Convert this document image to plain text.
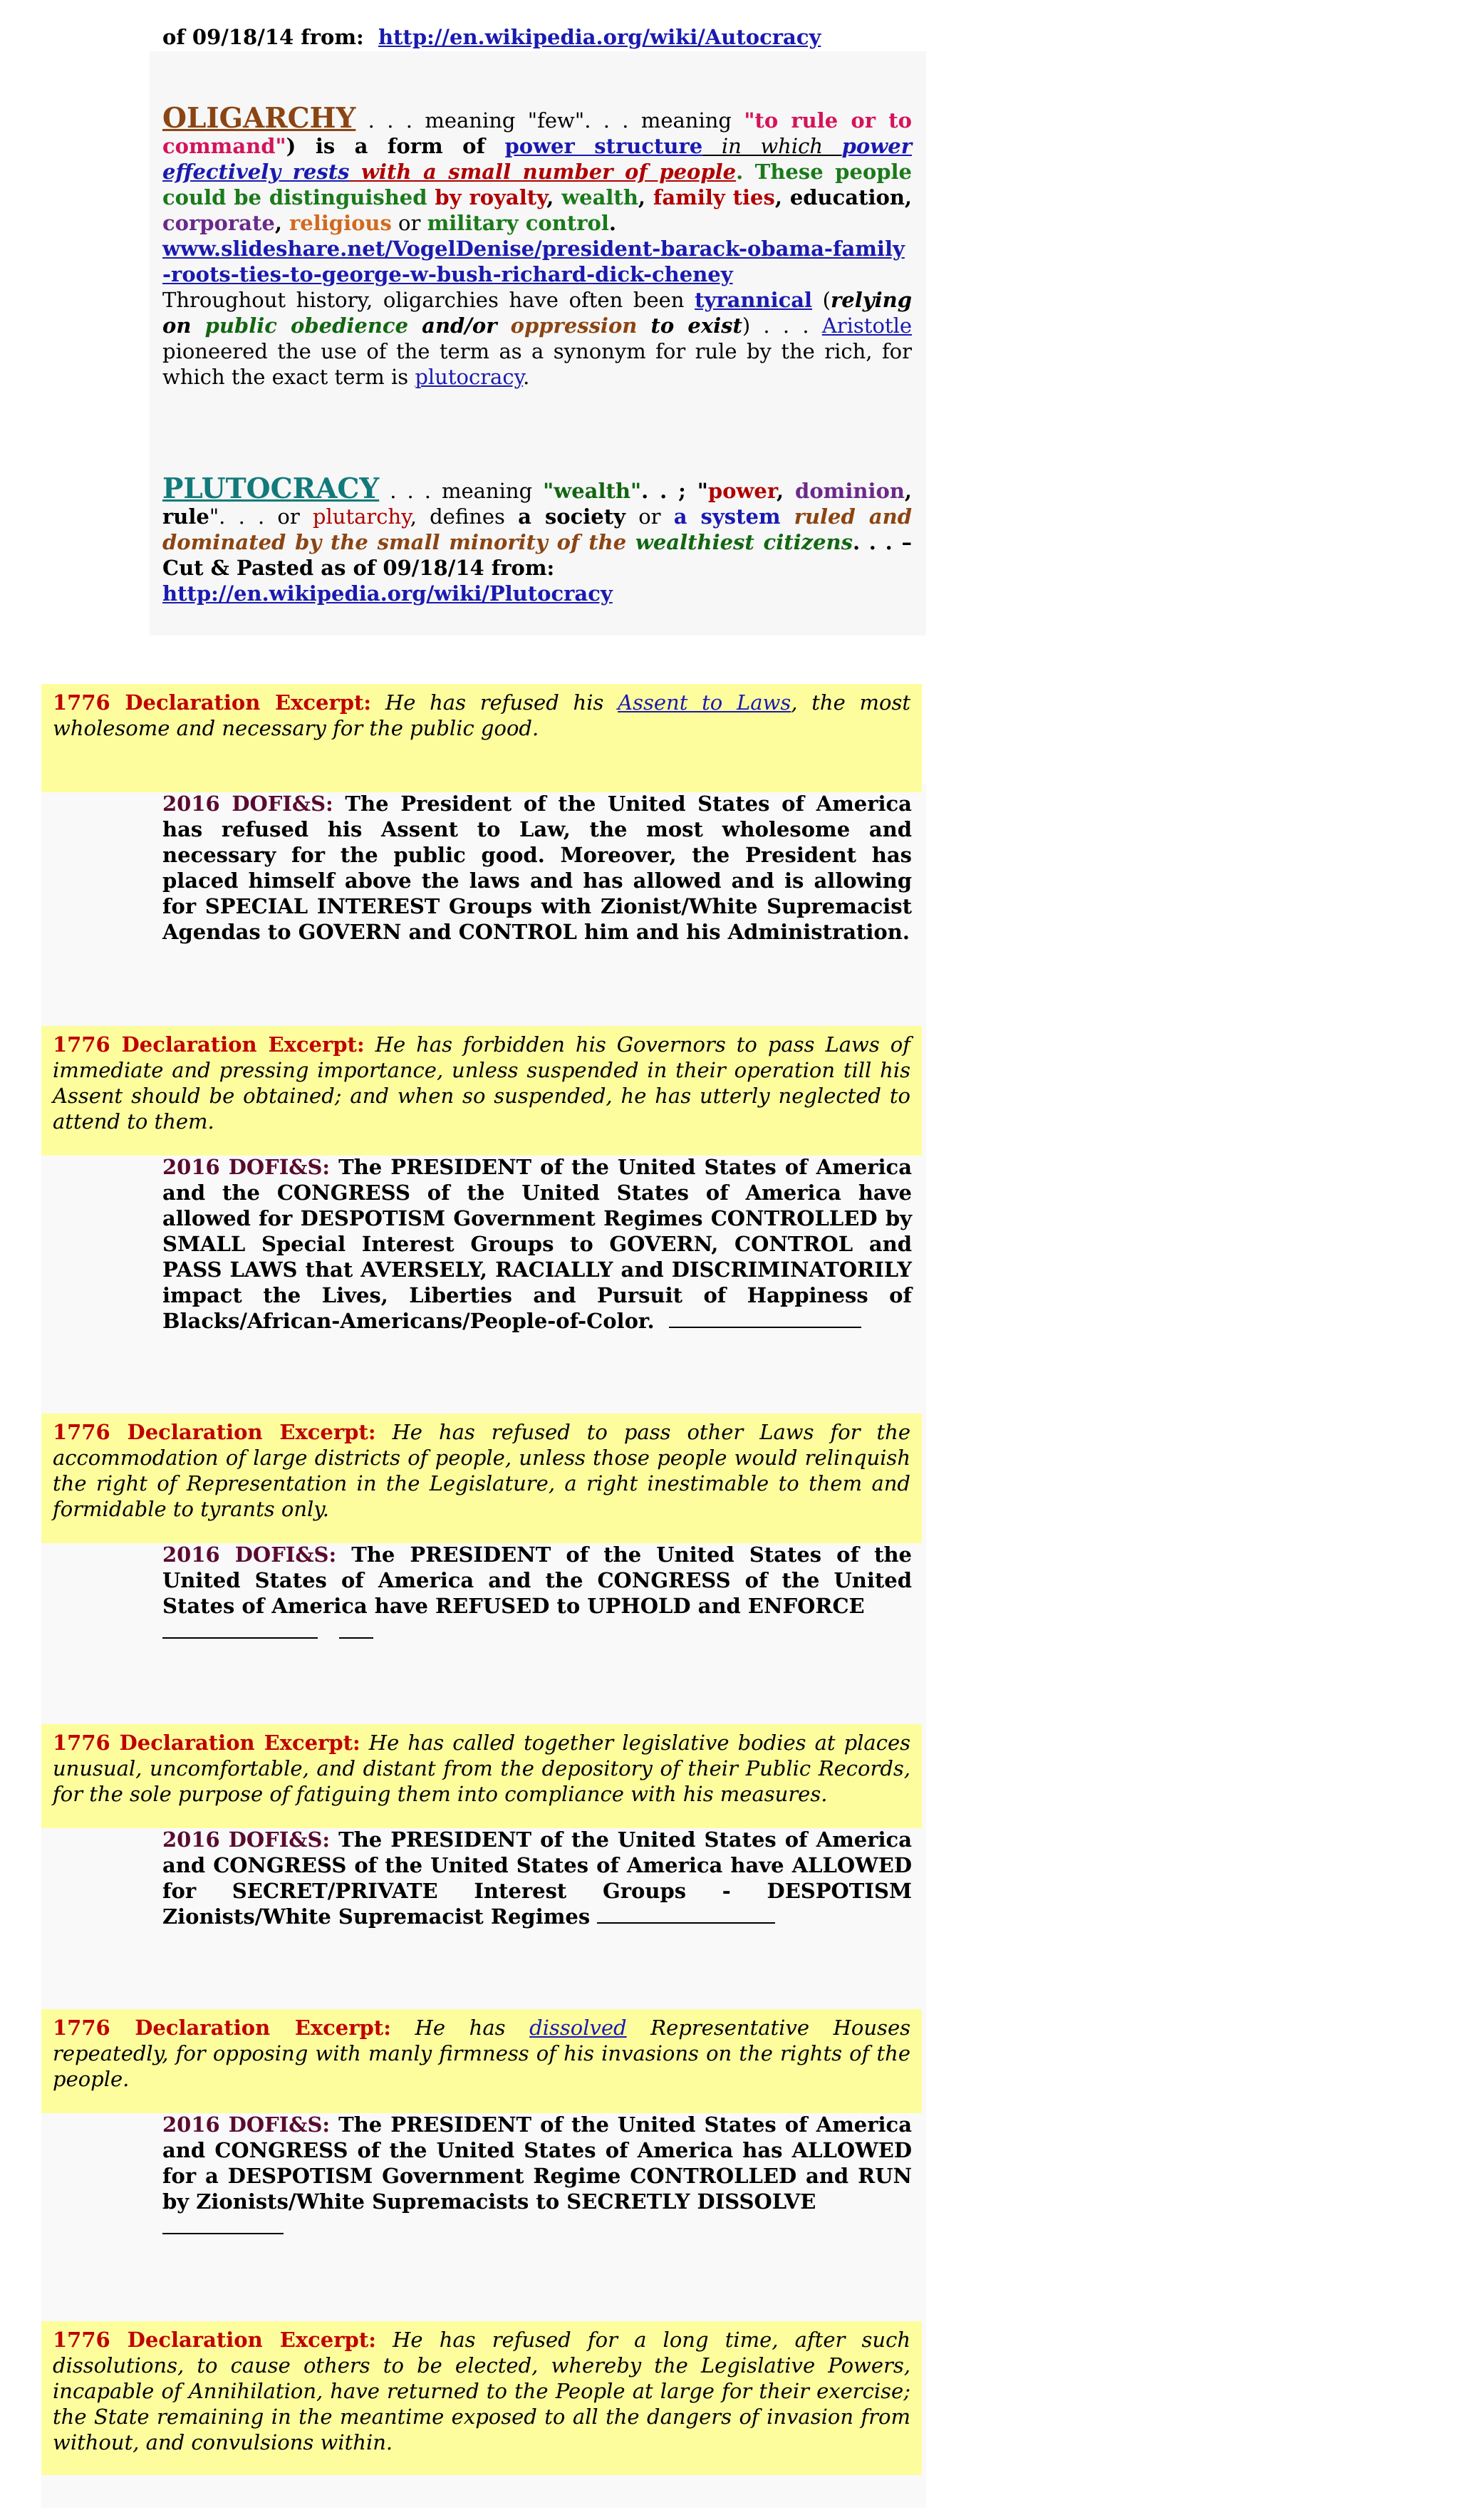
of 09/18/14 from: http://en.wikipedia.org/wiki/Autocracy
OLIGARCHY . . . meaning "few". . . meaning "to rule or to command") is a form of power structure in which power effectively rests with a small number of people. These people could be distinguished by royalty, wealth, family ties, education, corporate, religious or military control.
www.slideshare.net/VogelDenise/president-barack-obama-family-roots-ties-to-george-w-bush-richard-dick-cheney
Throughout history, oligarchies have often been tyrannical (relying on public obedience and/or oppression to exist) . . . Aristotle pioneered the use of the term as a synonym for rule by the rich, for which the exact term is plutocracy.
PLUTOCRACY . . . meaning "wealth". . ; "power, dominion, rule". . . or plutarchy, defines a society or a system ruled and dominated by the small minority of the wealthiest citizens. . . – Cut & Pasted as of 09/18/14 from:
http://en.wikipedia.org/wiki/Plutocracy
1776 Declaration Excerpt: He has refused his Assent to Laws, the most wholesome and necessary for the public good.
2016 DOFI&S: The President of the United States of America has refused his Assent to Law, the most wholesome and necessary for the public good. Moreover, the President has placed himself above the laws and has allowed and is allowing for SPECIAL INTEREST Groups with Zionist/White Supremacist Agendas to GOVERN and CONTROL him and his Administration.
1776 Declaration Excerpt: He has forbidden his Governors to pass Laws of immediate and pressing importance, unless suspended in their operation till his Assent should be obtained; and when so suspended, he has utterly neglected to attend to them.
2016 DOFI&S: The PRESIDENT of the United States of America and the CONGRESS of the United States of America have allowed for DESPOTISM Government Regimes CONTROLLED by SMALL Special Interest Groups to GOVERN, CONTROL and PASS LAWS that AVERSELY, RACIALLY and DISCRIMINATORILY impact the Lives, Liberties and Pursuit of Happiness of Blacks/African-Americans/People-of-Color.
1776 Declaration Excerpt: He has refused to pass other Laws for the accommodation of large districts of people, unless those people would relinquish the right of Representation in the Legislature, a right inestimable to them and formidable to tyrants only.
2016 DOFI&S: The PRESIDENT of the United States of the United States of America and the CONGRESS of the United States of America have REFUSED to UPHOLD and ENFORCE

1776 Declaration Excerpt: He has called together legislative bodies at places unusual, uncomfortable, and distant from the depository of their Public Records, for the sole purpose of fatiguing them into compliance with his measures.
2016 DOFI&S: The PRESIDENT of the United States of America and CONGRESS of the United States of America have ALLOWED for SECRET/PRIVATE Interest Groups - DESPOTISM Zionists/White Supremacist Regimes
1776 Declaration Excerpt: He has dissolved Representative Houses repeatedly, for opposing with manly firmness of his invasions on the rights of the people.
2016 DOFI&S: The PRESIDENT of the United States of America and CONGRESS of the United States of America has ALLOWED for a DESPOTISM Government Regime CONTROLLED and RUN by Zionists/White Supremacists to SECRETLY DISSOLVE

1776 Declaration Excerpt: He has refused for a long time, after such dissolutions, to cause others to be elected, whereby the Legislative Powers, incapable of Annihilation, have returned to the People at large for their exercise; the State remaining in the meantime exposed to all the dangers of invasion from without, and convulsions within.
